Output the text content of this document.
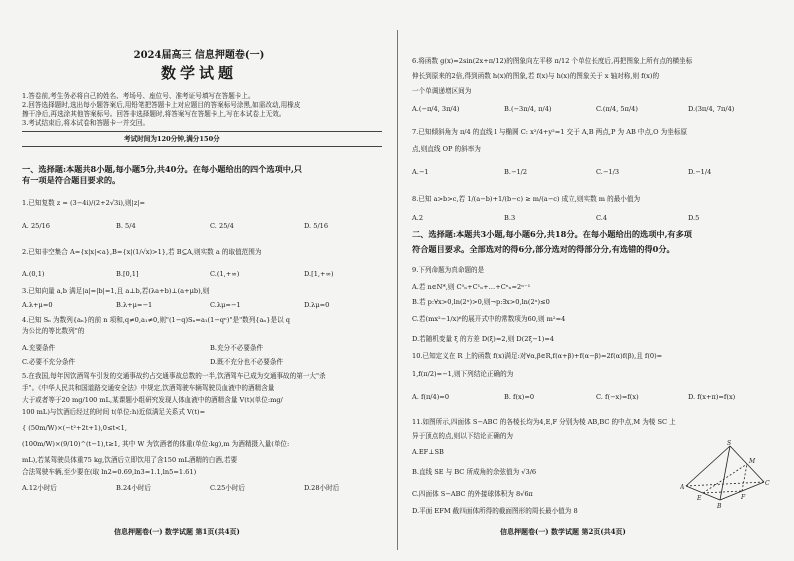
2024届高三 信息押题卷(一)
数学试题
1.答卷前,考生务必将自己的姓名、考场号、座位号、准考证号填写在答题卡上。
2.回答选择题时,选出每小题答案后,用铅笔把答题卡上对应题目的答案标号涂黑,如需改动,用橡皮
擦干净后,再选涂其他答案标号。回答非选择题时,将答案写在答题卡上,写在本试卷上无效。
3.考试结束后,将本试卷和答题卡一并交回。
考试时间为120分钟,满分150分
一、选择题:本题共8小题,每小题5分,共40分。在每小题给出的四个选项中,只
有一项是符合题目要求的。
1.已知复数 z = (3−4i)/(2+2√3i),则|z|=
A. 25/16	B. 5/4	C. 25/4	D. 5/16
2.已知非空集合 A={x|x|<a},B={x|(1/√x)>1},若 B⊆A,则实数 a 的取值范围为
A.(0,1)	B.[0,1]	C.(1,+∞)	D.[1,+∞)
3.已知向量 a,b 满足|a|=|b|=1,且 a⊥b,若(λa+b)⊥(a+μb),则
A.λ+μ=0	B.λ+μ=−1	C.λμ=−1	D.λμ=0
4.已知 Sₙ 为数列{aₙ}的前 n 项和,q≠0,a₁≠0,则"(1−q)Sₙ=a₁(1−qⁿ)"是"数列{aₙ}是以 q
为公比的等比数列"的
A.充要条件	B.充分不必要条件
C.必要不充分条件	D.既不充分也不必要条件
5.在我国,每年因饮酒驾车引发的交通事故约占交通事故总数的一半,饮酒驾车已成为交通事故的第一大"杀
手"。《中华人民共和国道路交通安全法》中规定,饮酒驾驶车辆驾驶员血液中的酒精含量
大于或者等于20 mg/100 mL,某课题小组研究发现人体血液中的酒精含量 V(t)(单位:mg/
100 mL)与饮酒后经过的时间 t(单位:h)近似满足关系式 V(t)=
{ (50m/W)×(−t²+2t+1),0≤t<1,
(100m/W)×(9/10)^(t−1),t≥1, 其中 W 为饮酒者的体重(单位:kg),m 为酒精摄入量(单位:
mL),若某驾驶员体重75 kg,饮酒后立即饮用了含150 mL酒精的白酒,若要
合法驾驶车辆,至少要在(取 ln2=0.69,ln3=1.1,ln5=1.61)
A.12小时后	B.24小时后	C.25小时后	D.28小时后
信息押题卷(一) 数学试题 第1页(共4页)
6.将函数 g(x)=2sin(2x+π/12)的图象向左平移 π/12 个单位长度后,再把图象上所有点的横坐标
伸长到原来的2倍,得到函数 h(x)的图象,若 f(x)与 h(x)的图象关于 x 轴对称,则 f(x)的
一个单调递增区间为
A.(−π/4, 3π/4)	B.(−3π/4, π/4)	C.(π/4, 5π/4)	D.(3π/4, 7π/4)
7.已知倾斜角为 π/4 的直线 l 与椭圆 C: x²/4+y²=1 交于 A,B 两点,P 为 AB 中点,O 为坐标原
点,则直线 OP 的斜率为
A.−1	B.−1/2	C.−1/3	D.−1/4
8.已知 a>b>c,若 1/(a−b)+1/(b−c) ≥ m/(a−c) 成立,则实数 m 的最小值为
A.2	B.3	C.4	D.5
二、选择题:本题共3小题,每小题6分,共18分。在每小题给出的选项中,有多项
符合题目要求。全部选对的得6分,部分选对的得部分分,有选错的得0分。
9.下列命题为真命题的是
A.若 n∈N*,则 C⁰ₙ+C¹ₙ+…+Cⁿₙ=2ⁿ⁻¹
B.若 p:∀x>0,ln(2ˣ)>0,则¬p:∃x>0,ln(2ˣ)≤0
C.若(mx²−1/x)⁶的展开式中的常数项为60,则 m²=4
D.若随机变量 ξ 的方差 D(ξ)=2,则 D(2ξ−1)=4
10.已知定义在 R 上的函数 f(x)满足:对∀α,β∈R,f(α+β)+f(α−β)=2f(α)f(β),且 f(0)=
1,f(π/2)=−1,则下列结论正确的为
A. f(π/4)=0	B. f(x)=0	C. f(−x)=f(x)	D. f(x+π)=f(x)
11.如图所示,四面体 S−ABC 的各棱长均为4,E,F 分别为棱 AB,BC 的中点,M 为棱 SC 上
异于顶点的点,则以下结论正确的为
A.EF⊥SB
B.直线 SE 与 BC 所成角的余弦值为 √3/6
C.四面体 S−ABC 的外接球体积为 8√6π
D.平面 EFM 截四面体所得的截面图形的周长最小值为 8
S
A
B
C
E	F
M
信息押题卷(一) 数学试题 第2页(共4页)
